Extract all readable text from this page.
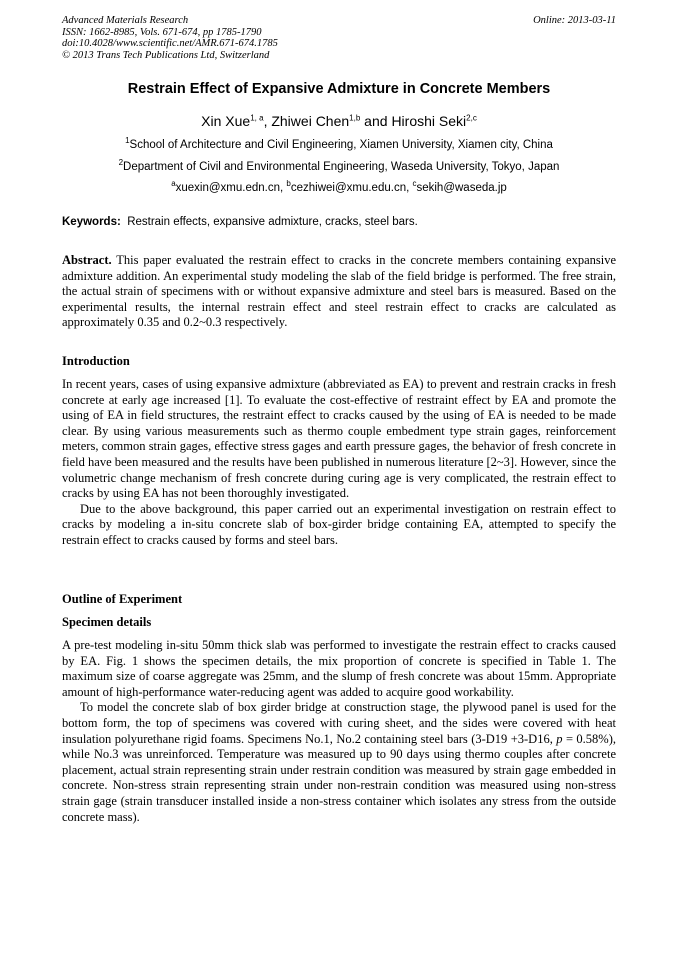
Advanced Materials Research
ISSN: 1662-8985, Vols. 671-674, pp 1785-1790
doi:10.4028/www.scientific.net/AMR.671-674.1785
© 2013 Trans Tech Publications Ltd, Switzerland
Online: 2013-03-11
Restrain Effect of Expansive Admixture in Concrete Members
Xin Xue$^{1, a}$, Zhiwei Chen$^{1,b}$ and Hiroshi Seki$^{2,c}$
$^1$School of Architecture and Civil Engineering, Xiamen University, Xiamen city, China
$^2$Department of Civil and Environmental Engineering, Waseda University, Tokyo, Japan
$^a$xuexin@xmu.edn.cn, $^b$cezhiwei@xmu.edu.cn, $^c$sekih@waseda.jp
Keywords: Restrain effects, expansive admixture, cracks, steel bars.

Abstract. This paper evaluated the restrain effect to cracks in the concrete members containing expansive admixture addition. An experimental study modeling the slab of the field bridge is performed. The free strain, the actual strain of specimens with or without expansive admixture and steel bars is measured. Based on the experimental results, the internal restrain effect and steel restrain effect to cracks are calculated as approximately 0.35 and 0.2~0.3 respectively.

Introduction

In recent years, cases of using expansive admixture (abbreviated as EA) to prevent and restrain cracks in fresh concrete at early age increased [1]. To evaluate the cost-effective of restraint effect by EA and promote the using of EA in field structures, the restraint effect to cracks caused by the using of EA is needed to be made clear. By using various measurements such as thermo couple embedment type strain gages, reinforcement meters, common strain gages, effective stress gages and earth pressure gages, the behavior of fresh concrete in field have been measured and the results have been published in numerous literature [2~3]. However, since the volumetric change mechanism of fresh concrete during curing age is very complicated, the restrain effect to cracks by using EA has not been thoroughly investigated.

Due to the above background, this paper carried out an experimental investigation on restrain effect to cracks by modeling a in-situ concrete slab of box-girder bridge containing EA, attempted to specify the restrain effect to cracks caused by forms and steel bars.

Outline of Experiment
Specimen details

A pre-test modeling in-situ 50mm thick slab was performed to investigate the restrain effect to cracks caused by EA. Fig. 1 shows the specimen details, the mix proportion of concrete is specified in Table 1. The maximum size of coarse aggregate was 25mm, and the slump of fresh concrete was about 15mm. Appropriate amount of high-performance water-reducing agent was added to acquire good workability.

To model the concrete slab of box girder bridge at construction stage, the plywood panel is used for the bottom form, the top of specimens was covered with curing sheet, and the sides were covered with heat insulation polyurethane rigid foams. Specimens No.1, No.2 containing steel bars (3-D19 +3-D16, p = 0.58%), while No.3 was unreinforced. Temperature was measured up to 90 days using thermo couples after concrete placement, actual strain representing strain under restrain condition was measured by strain gage embedded in concrete. Non-stress strain representing strain under non-restrain condition was measured using non-stress strain gage (strain transducer installed inside a non-stress container which isolates any stress from the outside concrete mass).
